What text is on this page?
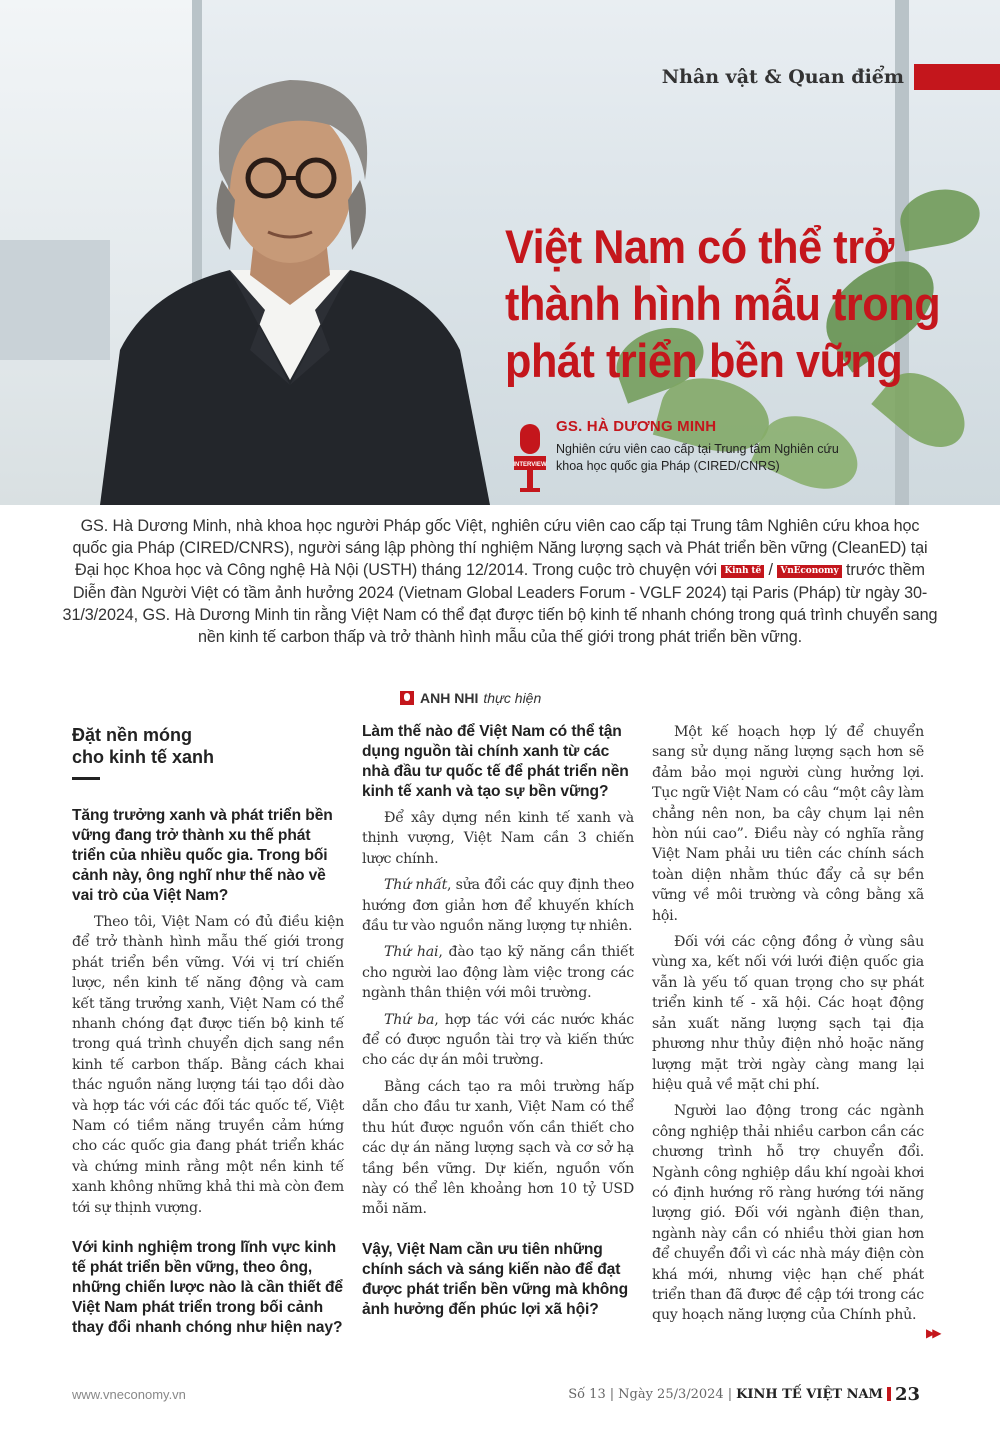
Nhân vật & Quan điểm
Việt Nam có thể trở
thành hình mẫu trong
phát triển bền vững
INTERVIEW
GS. HÀ DƯƠNG MINH
Nghiên cứu viên cao cấp tại Trung tâm Nghiên cứu
khoa học quốc gia Pháp (CIRED/CNRS)
GS. Hà Dương Minh, nhà khoa học người Pháp gốc Việt, nghiên cứu viên cao cấp tại Trung tâm Nghiên cứu khoa học quốc gia Pháp (CIRED/CNRS), người sáng lập phòng thí nghiệm Năng lượng sạch và Phát triển bền vững (CleanED) tại Đại học Khoa học và Công nghệ Hà Nội (USTH) tháng 12/2014. Trong cuộc trò chuyện với Kinh tế / VnEconomy trước thềm Diễn đàn Người Việt có tầm ảnh hưởng 2024 (Vietnam Global Leaders Forum - VGLF 2024) tại Paris (Pháp) từ ngày 30-31/3/2024, GS. Hà Dương Minh tin rằng Việt Nam có thể đạt được tiến bộ kinh tế nhanh chóng trong quá trình chuyển sang nền kinh tế carbon thấp và trở thành hình mẫu của thế giới trong phát triển bền vững.
ANH NHI thực hiện
Đặt nền móng
cho kinh tế xanh
Tăng trưởng xanh và phát triển bền vững đang trở thành xu thế phát triển của nhiều quốc gia. Trong bối cảnh này, ông nghĩ như thế nào về vai trò của Việt Nam?
Theo tôi, Việt Nam có đủ điều kiện để trở thành hình mẫu thế giới trong phát triển bền vững. Với vị trí chiến lược, nền kinh tế năng động và cam kết tăng trưởng xanh, Việt Nam có thể nhanh chóng đạt được tiến bộ kinh tế trong quá trình chuyển dịch sang nền kinh tế carbon thấp. Bằng cách khai thác nguồn năng lượng tái tạo dồi dào và hợp tác với các đối tác quốc tế, Việt Nam có tiềm năng truyền cảm hứng cho các quốc gia đang phát triển khác và chứng minh rằng một nền kinh tế xanh không những khả thi mà còn đem tới sự thịnh vượng.
Với kinh nghiệm trong lĩnh vực kinh tế phát triển bền vững, theo ông, những chiến lược nào là cần thiết để Việt Nam phát triển trong bối cảnh thay đổi nhanh chóng như hiện nay?
Làm thế nào để Việt Nam có thể tận dụng nguồn tài chính xanh từ các nhà đầu tư quốc tế để phát triển nền kinh tế xanh và tạo sự bền vững?
Để xây dựng nền kinh tế xanh và thịnh vượng, Việt Nam cần 3 chiến lược chính.
Thứ nhất, sửa đổi các quy định theo hướng đơn giản hơn để khuyến khích đầu tư vào nguồn năng lượng tự nhiên.
Thứ hai, đào tạo kỹ năng cần thiết cho người lao động làm việc trong các ngành thân thiện với môi trường.
Thứ ba, hợp tác với các nước khác để có được nguồn tài trợ và kiến thức cho các dự án môi trường.
Bằng cách tạo ra môi trường hấp dẫn cho đầu tư xanh, Việt Nam có thể thu hút được nguồn vốn cần thiết cho các dự án năng lượng sạch và cơ sở hạ tầng bền vững. Dự kiến, nguồn vốn này có thể lên khoảng hơn 10 tỷ USD mỗi năm.
Vậy, Việt Nam cần ưu tiên những chính sách và sáng kiến nào để đạt được phát triển bền vững mà không ảnh hưởng đến phúc lợi xã hội?
Một kế hoạch hợp lý để chuyển sang sử dụng năng lượng sạch hơn sẽ đảm bảo mọi người cùng hưởng lợi. Tục ngữ Việt Nam có câu “một cây làm chẳng nên non, ba cây chụm lại nên hòn núi cao”. Điều này có nghĩa rằng Việt Nam phải ưu tiên các chính sách toàn diện nhằm thúc đẩy cả sự bền vững về môi trường và công bằng xã hội.
Đối với các cộng đồng ở vùng sâu vùng xa, kết nối với lưới điện quốc gia vẫn là yếu tố quan trọng cho sự phát triển kinh tế - xã hội. Các hoạt động sản xuất năng lượng sạch tại địa phương như thủy điện nhỏ hoặc năng lượng mặt trời ngày càng mang lại hiệu quả về mặt chi phí.
Người lao động trong các ngành công nghiệp thải nhiều carbon cần các chương trình hỗ trợ chuyển đổi. Ngành công nghiệp dầu khí ngoài khơi có định hướng rõ ràng hướng tới năng lượng gió. Đối với ngành điện than, ngành này cần có nhiều thời gian hơn để chuyển đổi vì các nhà máy điện còn khá mới, nhưng việc hạn chế phát triển than đã được đề cập tới trong các quy hoạch năng lượng của Chính phủ.
▶▶
www.vneconomy.vn	Số 13 | Ngày 25/3/2024 | KINH TẾ VIỆT NAM 23
